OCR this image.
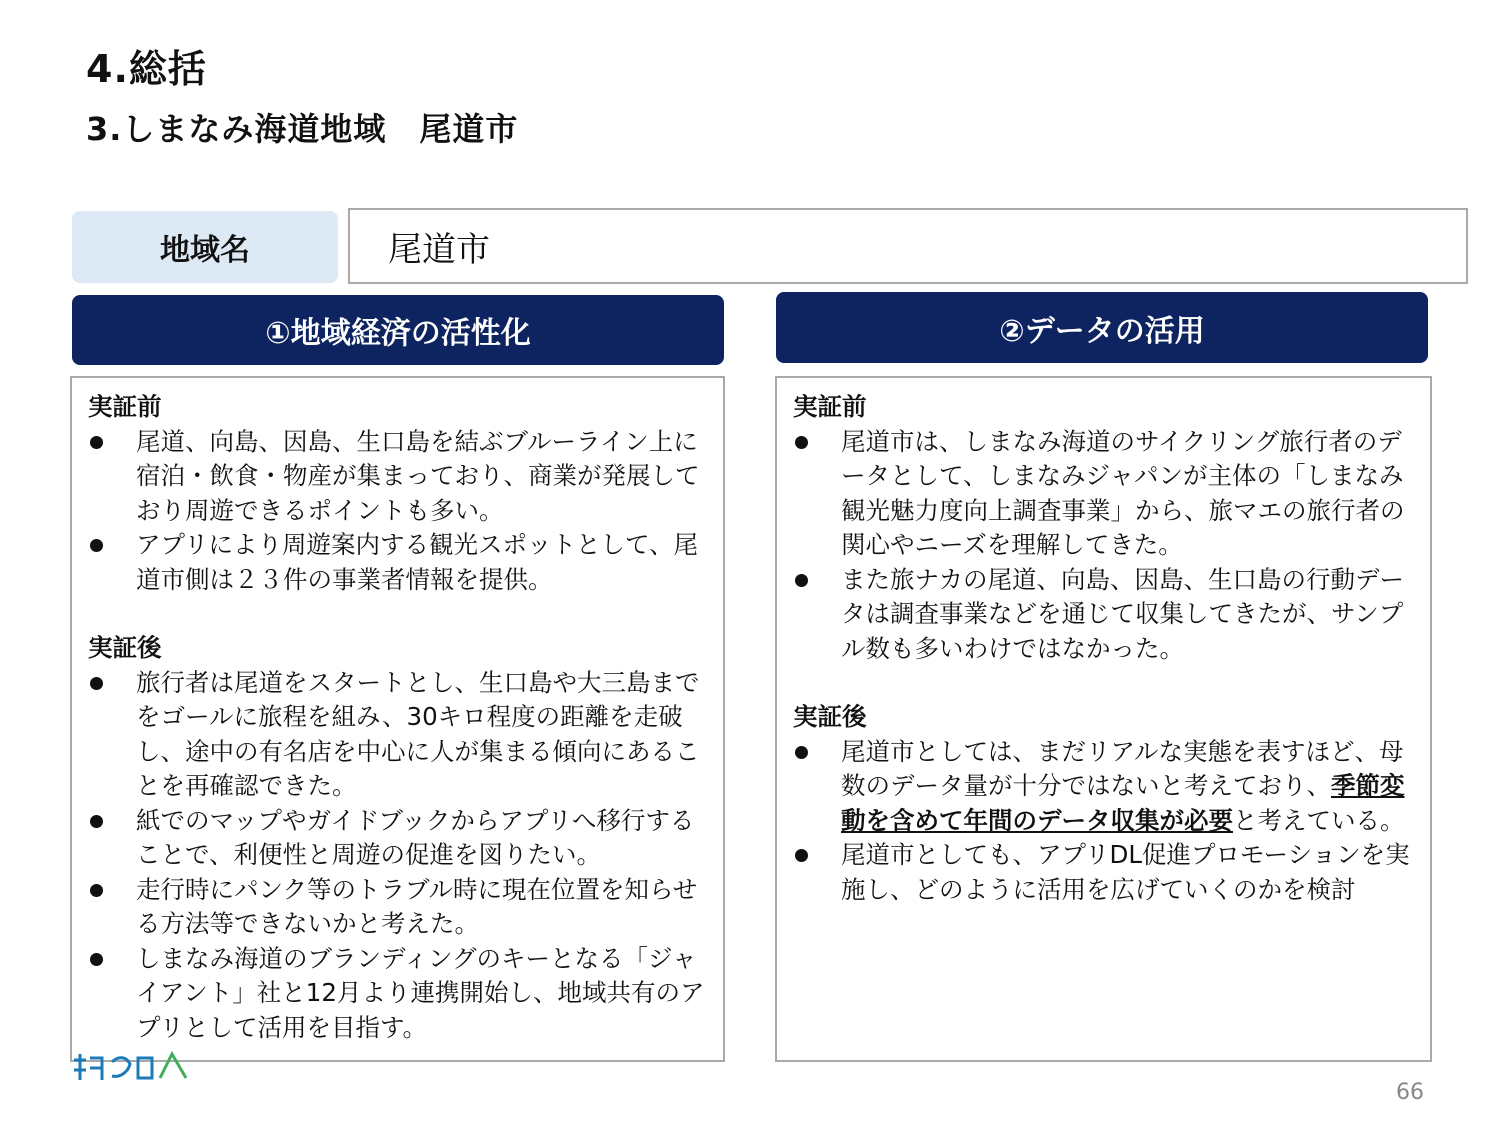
4.総括
3.しまなみ海道地域　尾道市
地域名	尾道市
①地域経済の活性化	②データの活用
実証前
尾道、向島、因島、生口島を結ぶブルーライン上に宿泊・飲食・物産が集まっており、商業が発展しており周遊できるポイントも多い。
アプリにより周遊案内する観光スポットとして、尾道市側は２３件の事業者情報を提供。
実証後
旅行者は尾道をスタートとし、生口島や大三島までをゴールに旅程を組み、30キロ程度の距離を走破し、途中の有名店を中心に人が集まる傾向にあることを再確認できた。
紙でのマップやガイドブックからアプリへ移行することで、利便性と周遊の促進を図りたい。
走行時にパンク等のトラブル時に現在位置を知らせる方法等できないかと考えた。
しまなみ海道のブランディングのキーとなる「ジャイアント」社と12月より連携開始し、地域共有のアプリとして活用を目指す。
実証前
尾道市は、しまなみ海道のサイクリング旅行者のデータとして、しまなみジャパンが主体の「しまなみ観光魅力度向上調査事業」から、旅マエの旅行者の関心やニーズを理解してきた。
また旅ナカの尾道、向島、因島、生口島の行動データは調査事業などを通じて収集してきたが、サンプル数も多いわけではなかった。
実証後
尾道市としては、まだリアルな実態を表すほど、母数のデータ量が十分ではないと考えており、季節変動を含めて年間のデータ収集が必要と考えている。
尾道市としても、アプリDL促進プロモーションを実施し、どのように活用を広げていくのかを検討
66
